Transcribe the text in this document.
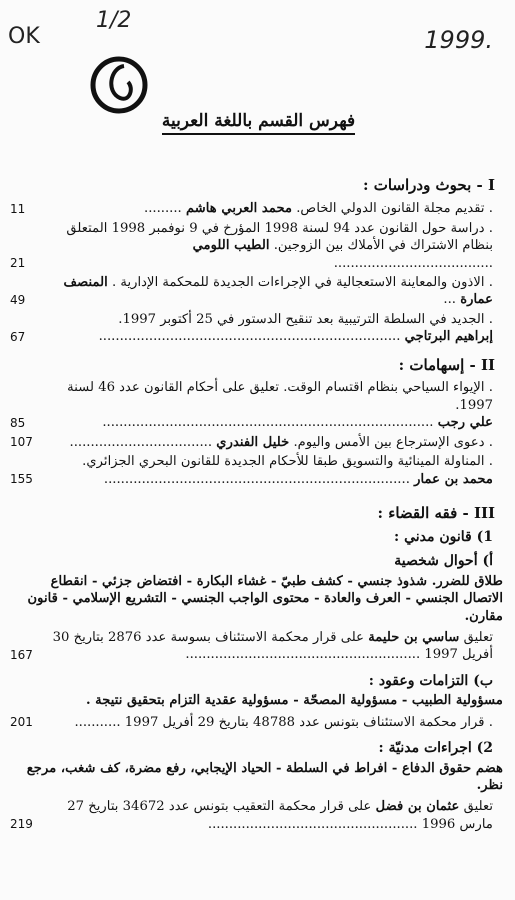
OK
1/2
1999.
فهرس القسم باللغة العربية
I - بحوث ودراسات :
. تقديم مجلة القانون الدولي الخاص. محمد العربي هاشم .........
11
. دراسة حول القانون عدد 94 لسنة 1998 المؤرخ في 9 نوفمبر 1998 المتعلق بنظام الاشتراك في الأملاك بين الزوجين. الطيب اللومي ......................................
21
. الاذون والمعاينة الاستعجالية في الإجراءات الجديدة للمحكمة الإدارية . المنصف عمارة ...
49
. الجديد في السلطة الترتيبية بعد تنقيح الدستور في 25 أكتوبر 1997.
إبراهيم البرتاجي ........................................................................
67
II - إسهامات :
. الإيواء السياحي بنظام اقتسام الوقت. تعليق على أحكام القانون عدد 46 لسنة 1997.
علي رجب ...............................................................................
85
. دعوى الإسترجاع بين الأمس واليوم. خليل الفندري ..................................
107
. المناولة المينائية والتسويق طبقا للأحكام الجديدة للقانون البحري الجزائري.
محمد بن عمار .........................................................................
155
III - فقه القضاء :
1) قانون مدني :
أ) أحوال شخصية
طلاق للضرر. شذوذ جنسي - كشف طبيّ - غشاء البكارة - افتضاض جزئي - انقطاع الاتصال الجنسي - العرف والعادة - محتوى الواجب الجنسي - التشريع الإسلامي - قانون مقارن.
تعليق ساسي بن حليمة على قرار محكمة الاستئناف بسوسة عدد 2876 بتاريخ 30 أفريل 1997 ........................................................
167
ب) التزامات وعقود :
مسؤولية الطبيب - مسؤولية المصحّة - مسؤولية عقدية التزام بتحقيق نتيجة .
. قرار محكمة الاستئناف بتونس عدد 48788 بتاريخ 29 أفريل 1997 ...........
201
2) اجراءات مدنيّة :
هضم حقوق الدفاع - افراط في السلطة - الحياد الإيجابي، رفع مضرة، كف شغب، مرجع نظر.
تعليق عثمان بن فضل على قرار محكمة التعقيب بتونس عدد 34672 بتاريخ 27 مارس 1996 ..................................................
219
